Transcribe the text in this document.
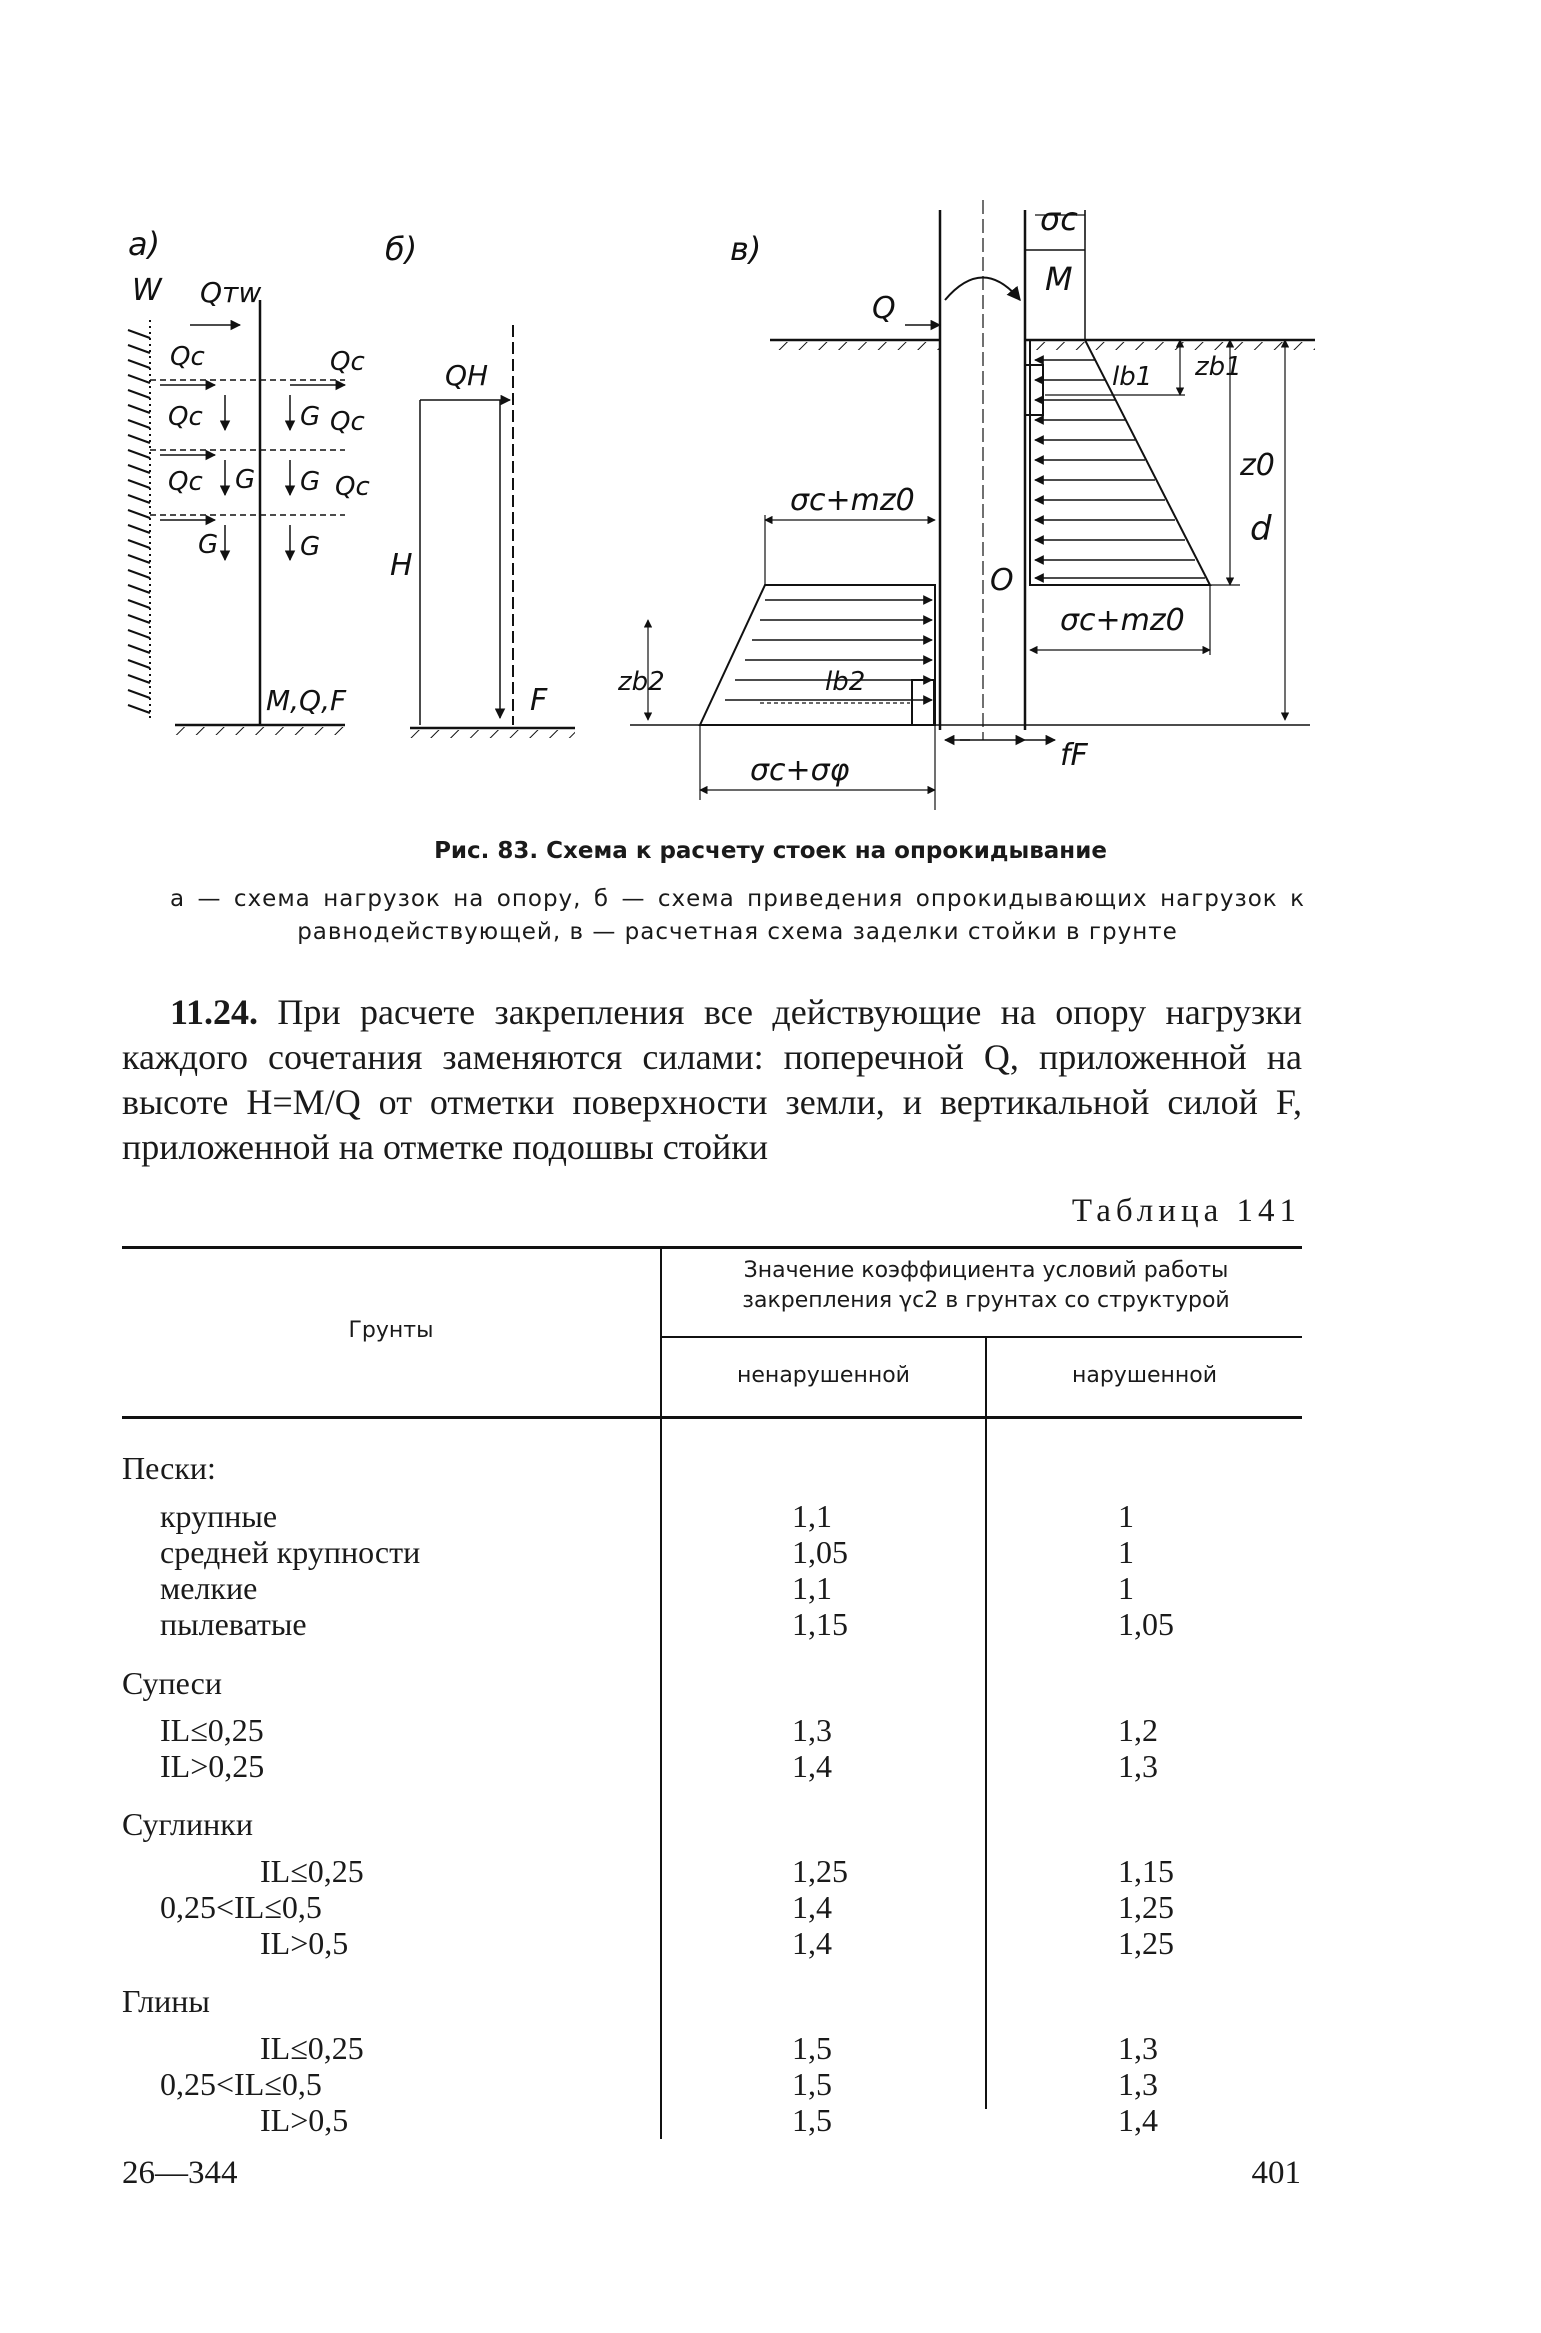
а)	б)	в)
W Qтw
Qc	Qc
Qc	Qc
Qc	Qc
G
G G
G	G
M,Q,F
QH
H
F
σc
M
Q
lb1 zb1
z0
d
σc+mz0
σc+mz0
O
zb2	lb2
fF
σc+σφ
Рис. 83. Схема к расчету стоек на опрокидывание
а — схема нагрузок на опору, б — схема приведения опрокидывающих нагрузок к равнодействующей, в — расчетная схема заделки стойки в грунте
11.24. При расчете закрепления все действующие на опору нагрузки каждого сочетания заменяются силами: поперечной Q, приложенной на высоте H=M/Q от отметки поверхности земли, и вертикальной силой F, приложенной на отметке подошвы стойки
Таблица 141
Грунты
Значение коэффициента условий работы закрепления γc2 в грунтах со структурой
ненарушенной	нарушенной
Пески:
крупные	1,1	1
средней крупности	1,05	1
мелкие	1,1	1
пылеватые	1,15	1,05
Супеси
IL≤0,25	1,3	1,2
IL>0,25	1,4	1,3
Суглинки
IL≤0,25	1,25	1,15
0,25<IL≤0,5	1,4	1,25
IL>0,5	1,4	1,25
Глины
IL≤0,25	1,5	1,3
0,25<IL≤0,5	1,5	1,3
IL>0,5	1,5	1,4
26—344	401
